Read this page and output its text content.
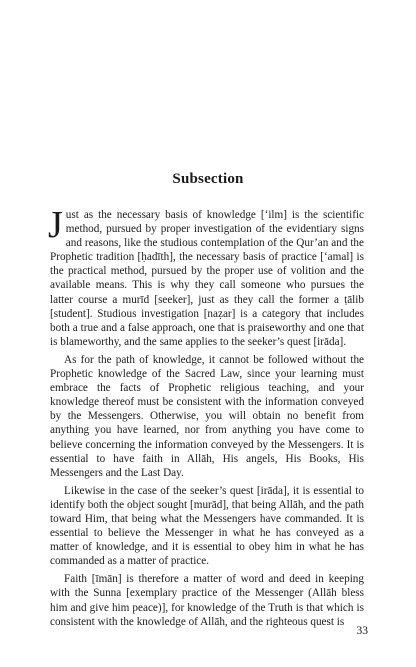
Subsection

Just as the necessary basis of knowledge [‘ilm] is the scientific method, pursued by proper investigation of the evidentiary signs and reasons, like the studious contemplation of the Qur’an and the Prophetic tradition [ḥadīth], the necessary basis of practice [‘amal] is the practical method, pursued by the proper use of volition and the available means. This is why they call someone who pursues the latter course a murīd [seeker], just as they call the former a ṭālib [student]. Studious investigation [naẓar] is a category that includes both a true and a false approach, one that is praiseworthy and one that is blameworthy, and the same applies to the seeker’s quest [irāda].

As for the path of knowledge, it cannot be followed without the Prophetic knowledge of the Sacred Law, since your learning must embrace the facts of Prophetic religious teaching, and your knowledge thereof must be consistent with the information conveyed by the Messengers. Otherwise, you will obtain no benefit from anything you have learned, nor from anything you have come to believe concerning the information conveyed by the Messengers. It is essential to have faith in Allāh, His angels, His Books, His Messengers and the Last Day.

Likewise in the case of the seeker’s quest [irāda], it is essential to identify both the object sought [murād], that being Allāh, and the path toward Him, that being what the Messengers have commanded. It is essential to believe the Messenger in what he has conveyed as a matter of knowledge, and it is essential to obey him in what he has commanded as a matter of practice.

Faith [īmān] is therefore a matter of word and deed in keeping with the Sunna [exemplary practice of the Messenger (Allāh bless him and give him peace)], for knowledge of the Truth is that which is consistent with the knowledge of Allāh, and the righteous quest is

33
